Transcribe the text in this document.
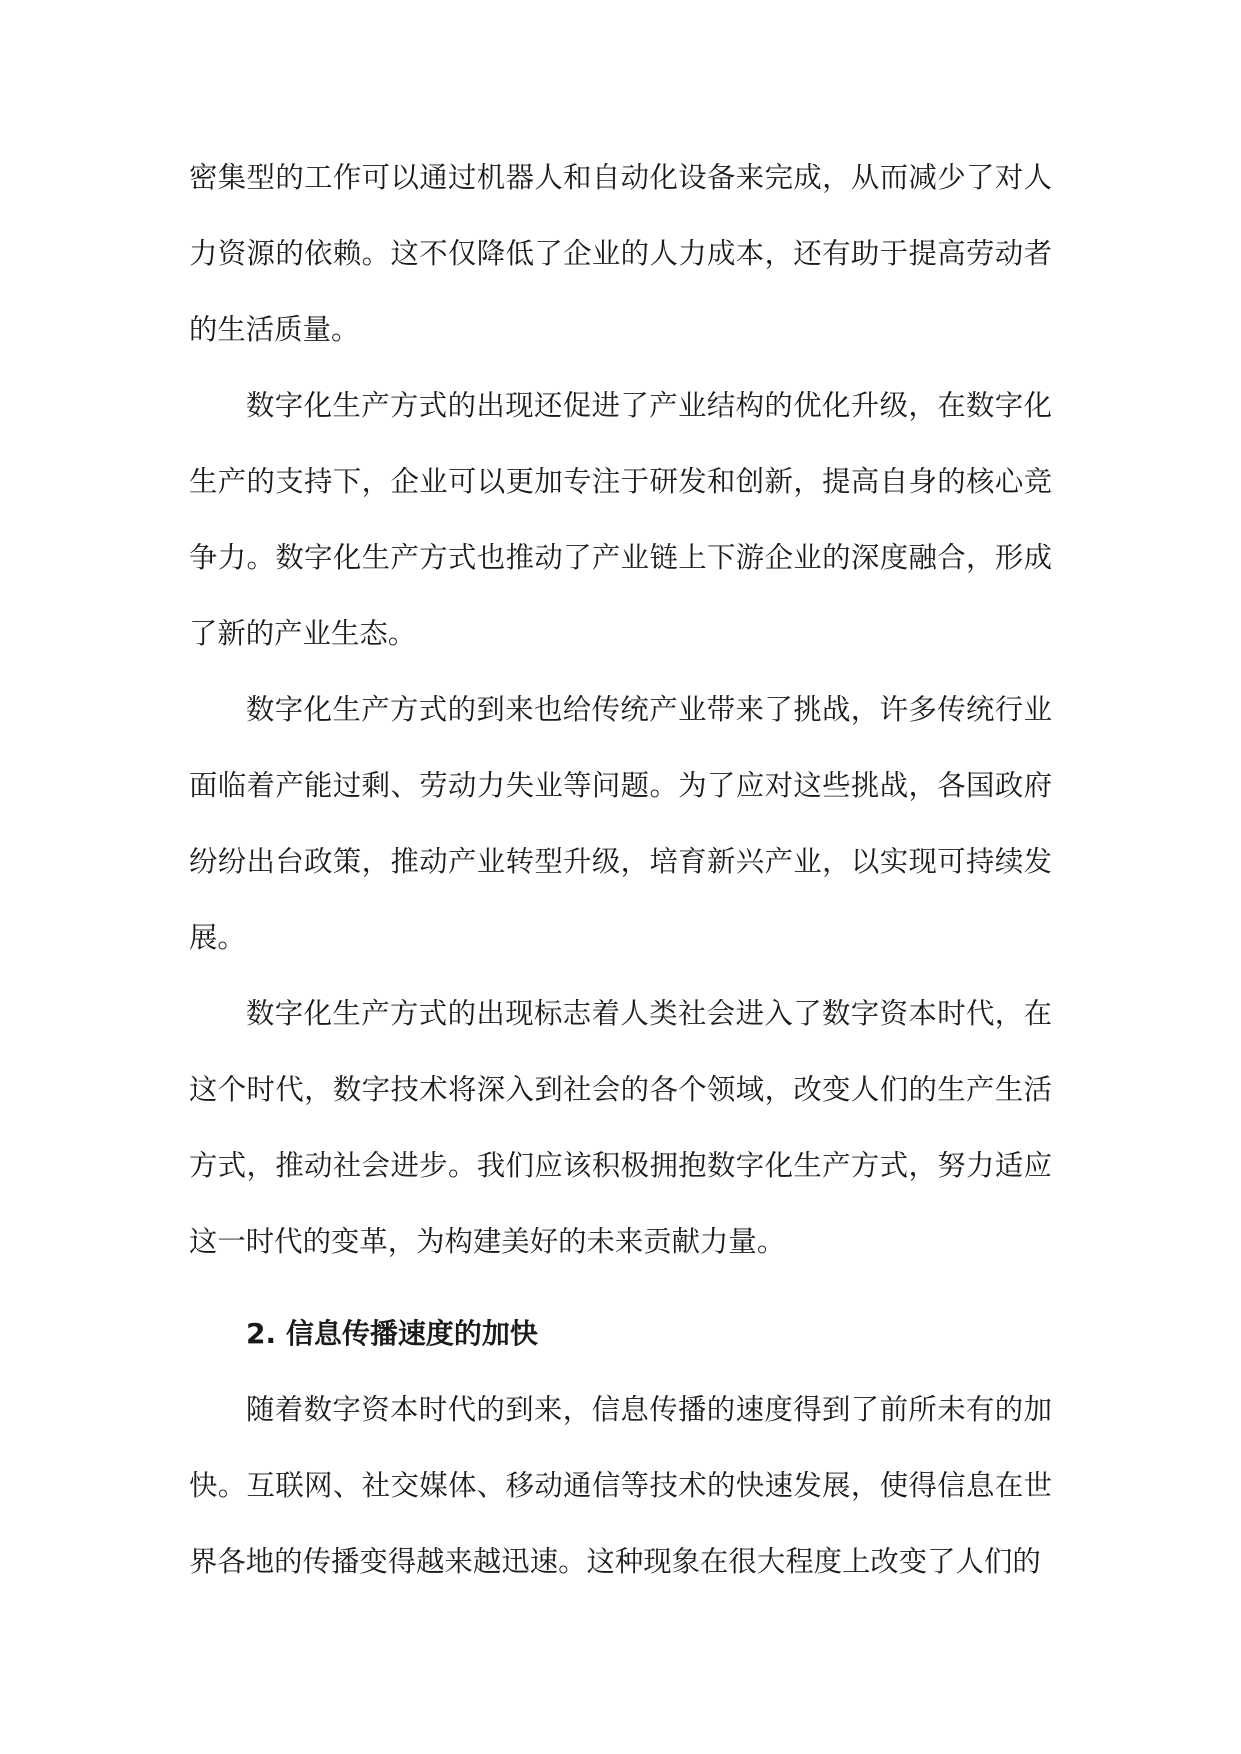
密集型的工作可以通过机器人和自动化设备来完成，从而减少了对人力资源的依赖。这不仅降低了企业的人力成本，还有助于提高劳动者的生活质量。

数字化生产方式的出现还促进了产业结构的优化升级，在数字化生产的支持下，企业可以更加专注于研发和创新，提高自身的核心竞争力。数字化生产方式也推动了产业链上下游企业的深度融合，形成了新的产业生态。

数字化生产方式的到来也给传统产业带来了挑战，许多传统行业面临着产能过剩、劳动力失业等问题。为了应对这些挑战，各国政府纷纷出台政策，推动产业转型升级，培育新兴产业，以实现可持续发展。

数字化生产方式的出现标志着人类社会进入了数字资本时代，在这个时代，数字技术将深入到社会的各个领域，改变人们的生产生活方式，推动社会进步。我们应该积极拥抱数字化生产方式，努力适应这一时代的变革，为构建美好的未来贡献力量。

2. 信息传播速度的加快

随着数字资本时代的到来，信息传播的速度得到了前所未有的加快。互联网、社交媒体、移动通信等技术的快速发展，使得信息在世界各地的传播变得越来越迅速。这种现象在很大程度上改变了人们的
